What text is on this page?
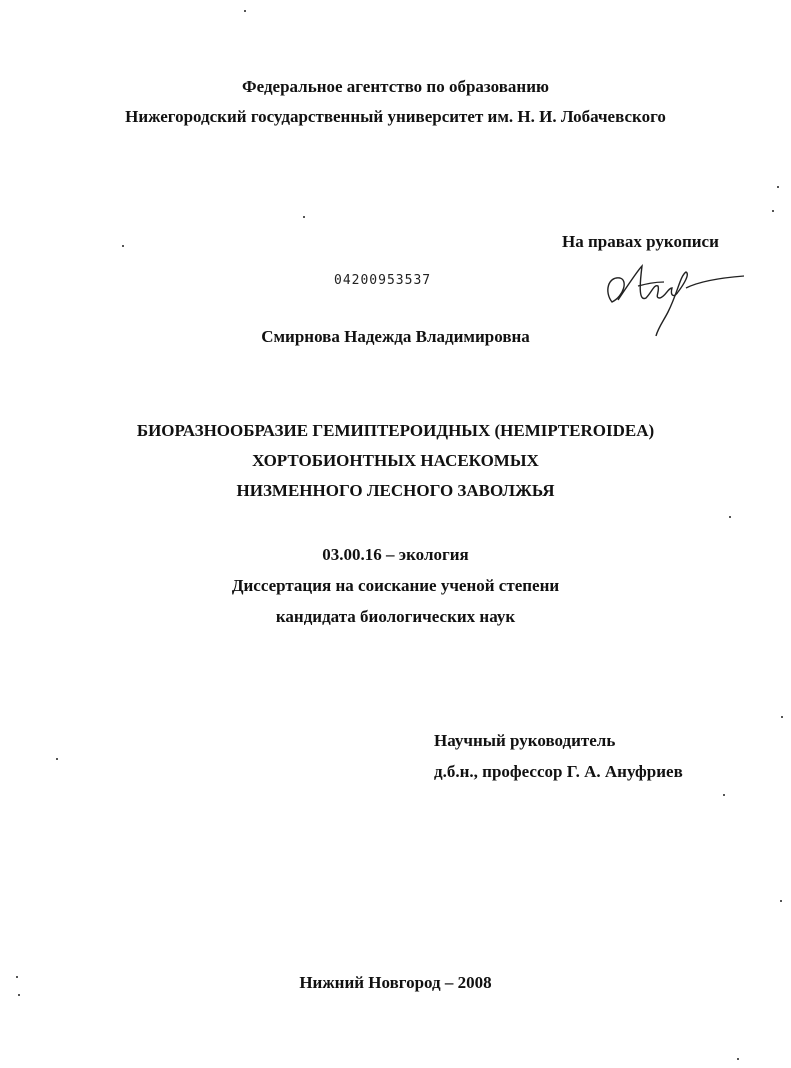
Федеральное агентство по образованию
Нижегородский государственный университет им. Н. И. Лобачевского
На правах рукописи
04200953537
Смирнова Надежда Владимировна
БИОРАЗНООБРАЗИЕ ГЕМИПТЕРОИДНЫХ (HEMIPTEROIDEA)
ХОРТОБИОНТНЫХ НАСЕКОМЫХ
НИЗМЕННОГО ЛЕСНОГО ЗАВОЛЖЬЯ
03.00.16 – экология
Диссертация на соискание ученой степени
кандидата биологических наук
Научный руководитель
д.б.н., профессор Г. А. Ануфриев
Нижний Новгород – 2008
